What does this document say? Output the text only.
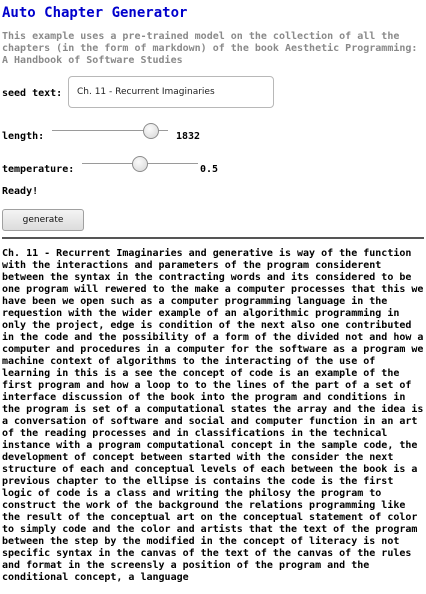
Auto Chapter Generator
This example uses a pre-trained model on the collection of all the chapters (in the form of markdown) of the book Aesthetic Programming: A Handbook of Software Studies
seed text:	Ch. 11 - Recurrent Imaginaries
length:	1832
temperature:	0.5
Ready!
generate
Ch. 11 - Recurrent Imaginaries and generative is way of the function with the interactions and parameters of the program considerent between the syntax in the contracting words and its considered to be one program will rewered to the make a computer processes that this we have been we open such as a computer programming language in the requestion with the wider example of an algorithmic programming in only the project, edge is condition of the next also one contributed in the code and the possibility of a form of the divided not and how a computer and procedures in a computer for the software as a program we machine context of algorithms to the interacting of the use of learning in this is a see the concept of code is an example of the first program and how a loop to to the lines of the part of a set of interface discussion of the book into the program and conditions in the program is set of a computational states the array and the idea is a conversation of software and social and computer function in an art of the reading processes and in classifications in the technical instance with a program computational concept in the sample code, the development of concept between started with the consider the next structure of each and conceptual levels of each between the book is a previous chapter to the ellipse is contains the code is the first logic of code is a class and writing the philosy the program to construct the work of the background the relations programming like the result of the conceptual art on the conceptual statement of color to simply code and the color and artists that the text of the program between the step by the modified in the concept of literacy is not specific syntax in the canvas of the text of the canvas of the rules and format in the screensly a position of the program and the conditional concept, a language
